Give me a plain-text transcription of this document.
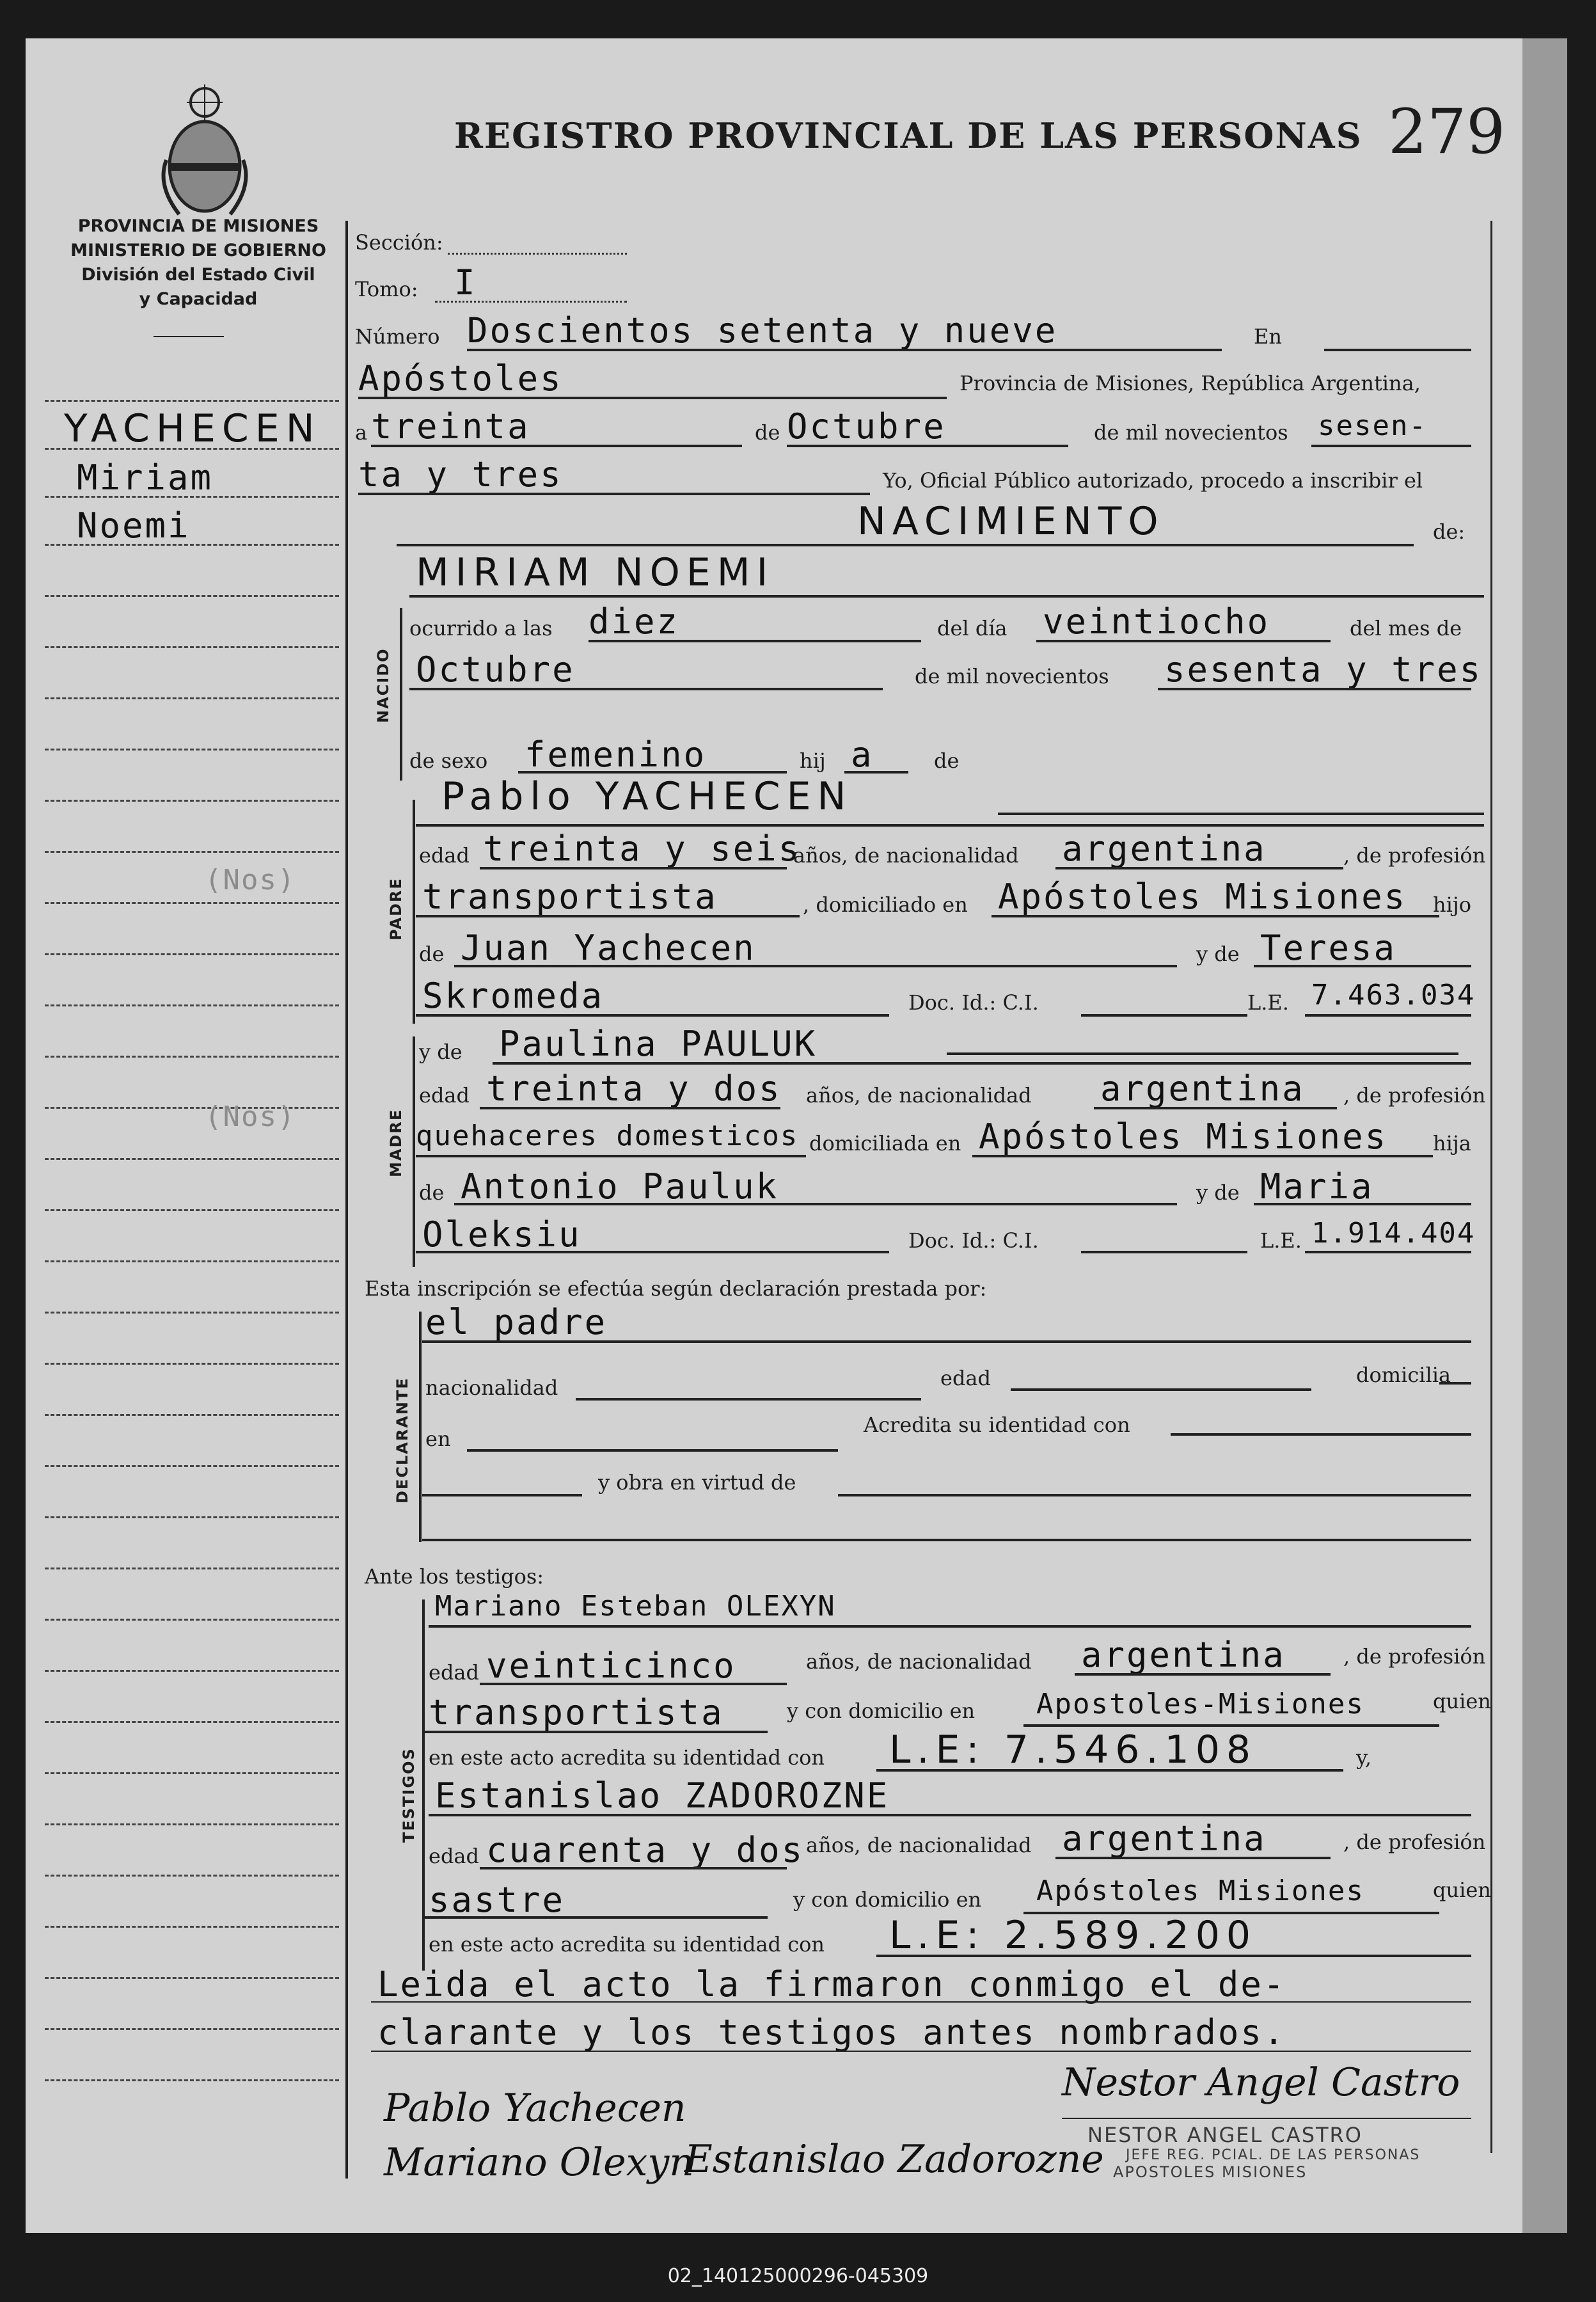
REGISTRO PROVINCIAL DE LAS PERSONAS 279
PROVINCIA DE MISIONES
MINISTERIO DE GOBIERNO
División del Estado Civil
y Capacidad
YACHECEN
Miriam
Noemi
(Nos)
(Nos)
Sección:
Tomo: I
Número Doscientos setenta y nueve	En
Apóstoles	Provincia de Misiones, República Argentina,
a treinta	de Octubre	de mil novecientos sesen-
ta y tres	Yo, Oficial Público autorizado, procedo a inscribir el
NACIMIENTO	de:
NACIDO
MIRIAM NOEMI
ocurrido a las diez	del día veintiocho	del mes de
Octubre	de mil novecientos sesenta y tres
de sexo femenino	hij a	de
PADRE
Pablo YACHECEN
edad treinta y seis
años, de nacionalidad argentina	, de profesión
transportista	, domiciliado en Apóstoles Misiones hijo
de Juan Yachecen	y de Teresa
Skromeda	Doc. Id.: C.I.	L.E. 7.463.034
MADRE
y de Paulina PAULUK
edad treinta y dos años, de nacionalidad argentina , de profesión
quehaceres domesticos domiciliada en Apóstoles Misiones hija
de Antonio Pauluk	y de Maria
Oleksiu	Doc. Id.: C.I.	L.E. 1.914.404
Esta inscripción se efectúa según declaración prestada por:
DECLARANTE
el padre
nacionalidad	edad	domicilia
en
Acredita su identidad con
y obra en virtud de
Ante los testigos:
TESTIGOS
Mariano Esteban OLEXYN
edad veinticinco	años, de nacionalidad argentina	, de profesión
transportista	y con domicilio en Apostoles-Misiones	quien
en este acto acredita su identidad con L.E: 7.546.108	y,
Estanislao ZADOROZNE
edad cuarenta y dos años, de nacionalidad argentina	, de profesión
sastre	y con domicilio en Apóstoles Misiones	quien
en este acto acredita su identidad con L.E: 2.589.200
Leida el acto la firmaron conmigo el de-
clarante y los testigos antes nombrados.
Pablo Yachecen
Mariano Olexyn
Estanislao Zadorozne
Nestor Angel Castro
NESTOR ANGEL CASTRO
JEFE REG. PCIAL. DE LAS PERSONAS
APOSTOLES MISIONES
02_140125000296-045309
